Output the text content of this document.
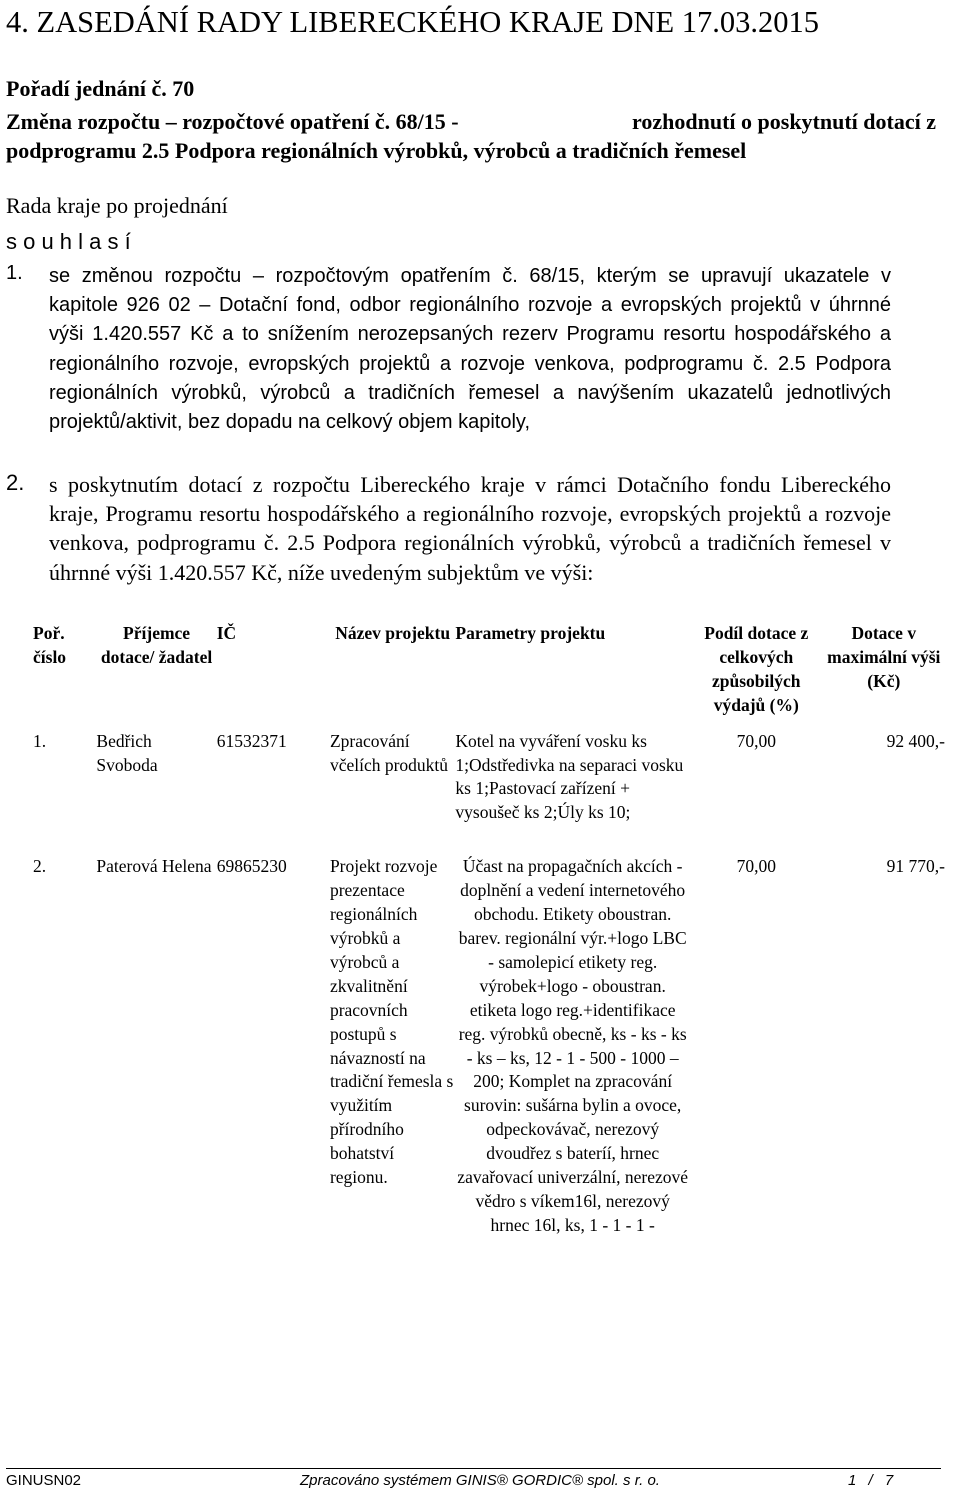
4. ZASEDÁNÍ RADY LIBERECKÉHO KRAJE DNE 17.03.2015
Pořadí jednání č. 70
Změna rozpočtu – rozpočtové opatření č. 68/15 -	rozhodnutí o poskytnutí dotací z
podprogramu 2.5 Podpora regionálních výrobků, výrobců a tradičních řemesel
Rada kraje po projednání
s o u h l a s í
1. se změnou rozpočtu – rozpočtovým opatřením č. 68/15, kterým se upravují ukazatele v kapitole 926 02 – Dotační fond, odbor regionálního rozvoje a evropských projektů v úhrnné výši 1.420.557 Kč a to snížením nerozepsaných rezerv Programu resortu hospodářského a regionálního rozvoje, evropských projektů a rozvoje venkova, podprogramu č. 2.5 Podpora regionálních výrobků, výrobců a tradičních řemesel a navýšením ukazatelů jednotlivých projektů/aktivit, bez dopadu na celkový objem kapitoly,
2. s poskytnutím dotací z rozpočtu Libereckého kraje v rámci Dotačního fondu Libereckého kraje, Programu resortu hospodářského a regionálního rozvoje, evropských projektů a rozvoje venkova, podprogramu č. 2.5 Podpora regionálních výrobků, výrobců a tradičních řemesel v úhrnné výši 1.420.557 Kč, níže uvedeným subjektům ve výši:
Poř. číslo	Příjemce dotace/ žadatel	IČ	Název projektu	Parametry projektu	Podíl dotace z celkových způsobilých výdajů (%)	Dotace v maximální výši (Kč)
1.	Bedřich Svoboda	61532371	Zpracování včelích produktů	Kotel na vyváření vosku ks 1;Odstředivka na separaci vosku ks 1;Pastovací zařízení + vysoušeč ks 2;Úly ks 10;	70,00	92 400,-

2.	Paterová Helena	69865230	Projekt rozvoje prezentace regionálních výrobků a výrobců a zkvalitnění pracovních postupů s návazností na tradiční řemesla s využitím přírodního bohatství regionu.	Účast na propagačních akcích - doplnění a vedení internetového obchodu. Etikety oboustran. barev. regionální výr.+logo LBC - samolepicí etikety reg. výrobek+logo - oboustran. etiketa logo reg.+identifikace reg. výrobků obecně, ks - ks - ks - ks – ks, 12 - 1 - 500 - 1000 – 200; Komplet na zpracování surovin: sušárna bylin a ovoce, odpeckovávač, nerezový dvoudřez s bateríí, hrnec zavařovací univerzální, nerezové vědro s víkem16l, nerezový hrnec 16l, ks, 1 - 1 - 1 -	70,00	91 770,-
GINUSN02	Zpracováno systémem GINIS® GORDIC® spol. s r. o.	1 / 7
